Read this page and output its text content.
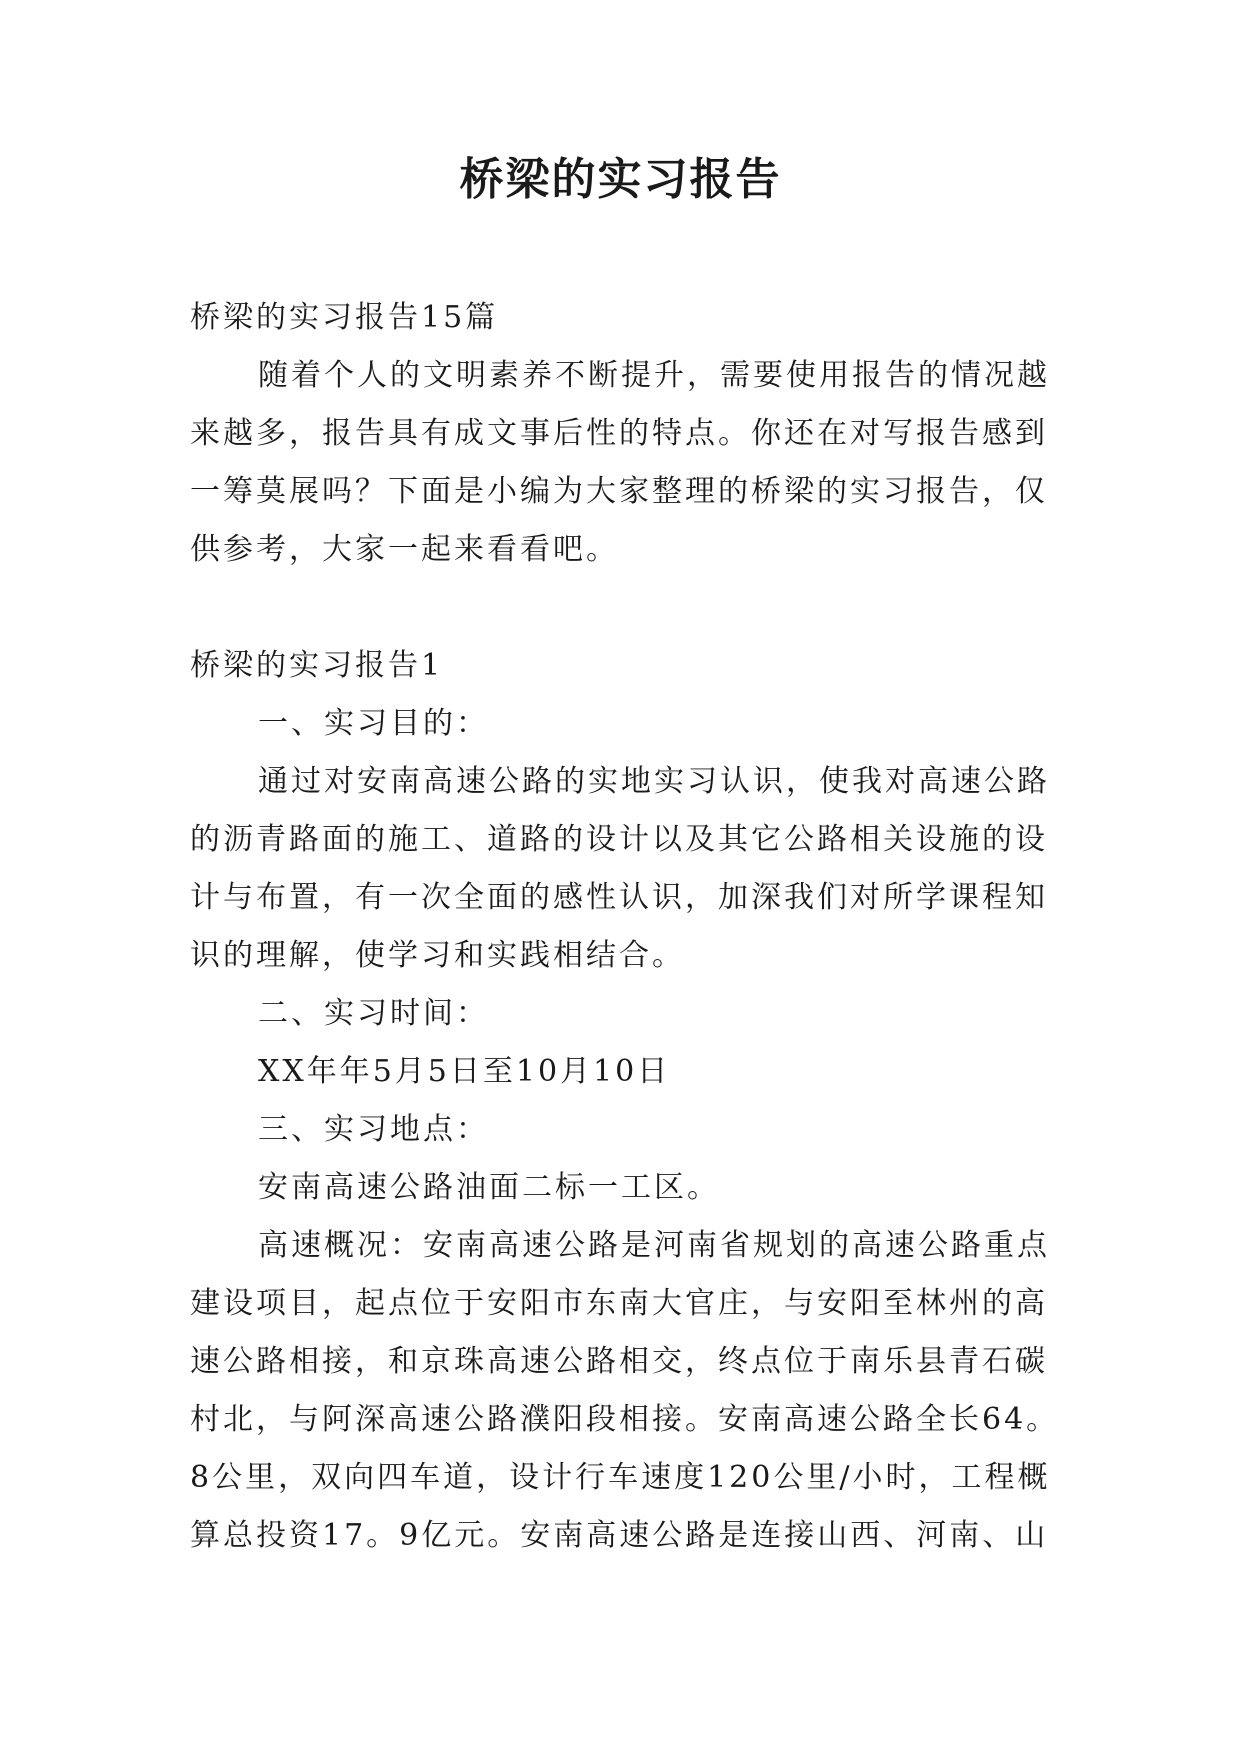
桥梁的实习报告
桥梁的实习报告15篇
随着个人的文明素养不断提升，需要使用报告的情况越
来越多，报告具有成文事后性的特点。你还在对写报告感到
一筹莫展吗？下面是小编为大家整理的桥梁的实习报告，仅
供参考，大家一起来看看吧。
桥梁的实习报告1
一、实习目的：
通过对安南高速公路的实地实习认识，使我对高速公路
的沥青路面的施工、道路的设计以及其它公路相关设施的设
计与布置，有一次全面的感性认识，加深我们对所学课程知
识的理解，使学习和实践相结合。
二、实习时间：
XX年年5月5日至10月10日
三、实习地点：
安南高速公路油面二标一工区。
高速概况：安南高速公路是河南省规划的高速公路重点
建设项目，起点位于安阳市东南大官庄，与安阳至林州的高
速公路相接，和京珠高速公路相交，终点位于南乐县青石碳
村北，与阿深高速公路濮阳段相接。安南高速公路全长64。
8公里，双向四车道，设计行车速度120公里/小时，工程概
算总投资17。9亿元。安南高速公路是连接山西、河南、山
